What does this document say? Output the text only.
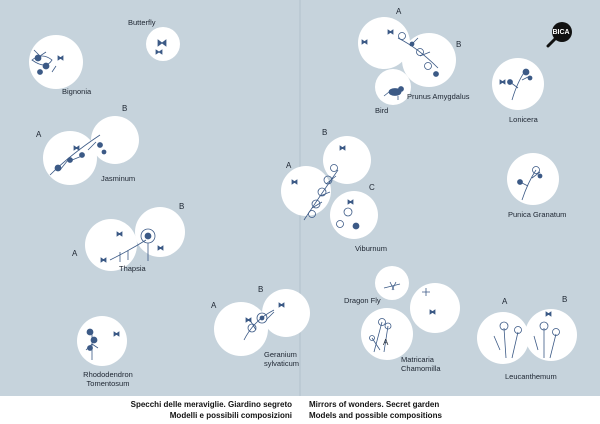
BICA
Butterfly
Bignonia
A
B
Jasminum
A
B
Thapsia
Rhododendron
Tomentosum
A
B
Geranium
sylvaticum
A
B
Bird
Prunus Amygdalus
Lonicera
A
B
C
Punica Granatum
Viburnum
Dragon Fly
A
Matricaria
Chamomilla
A	B
Leucanthemum
Specchi delle meraviglie. Giardino segreto
Modelli e possibili composizioni
Mirrors of wonders. Secret garden
Models and possible compositions
